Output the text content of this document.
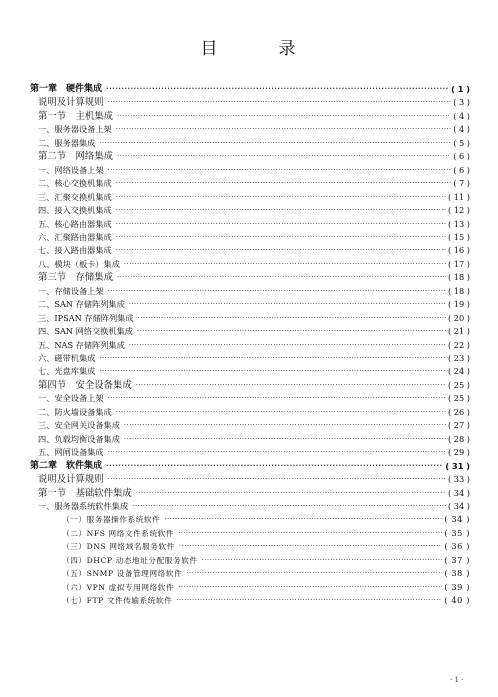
目　录
第一章　硬件集成 ·····	( 1 )
说明及计算规则 ·····	( 3 )
第一节　主机集成 ·····	( 4 )
一、服务器设备上架 ·····	( 4 )
二、服务器集成 ·····	( 5 )
第二节　网络集成 ·····	( 6 )
一、网络设备上架 ·····	( 6 )
二、核心交换机集成 ·····	( 7 )
三、汇聚交换机集成 ·····	( 11 )
四、接入交换机集成 ·····	( 12 )
五、核心路由器集成 ·····	( 13 )
六、汇聚路由器集成 ·····	( 15 )
七、接入路由器集成 ·····	( 16 )
八、模块（板卡）集成 ·····	( 17 )
第三节　存储集成 ·····	( 18 )
一、存储设备上架 ·····	( 18 )
二、SAN 存储阵列集成 ·····	( 19 )
三、IPSAN 存储阵列集成 ·····	( 20 )
四、SAN 网络交换机集成 ·····	( 21 )
五、NAS 存储阵列集成 ·····	( 22 )
六、磁带机集成 ·····	( 23 )
七、光盘库集成 ·····	( 24 )
第四节　安全设备集成 ·····	( 25 )
一、安全设备上架 ·····	( 25 )
二、防火墙设备集成 ·····	( 26 )
三、安全网关设备集成 ·····	( 27 )
四、负载均衡设备集成 ·····	( 28 )
五、网闸设备集成 ·····	( 29 )
第二章　软件集成 ·····	( 31 )
说明及计算规则 ·····	( 33 )
第一节　基础软件集成 ·····	( 34 )
一、服务器系统软件集成 ·····	( 34 )
（一）服务器操作系统软件 ·····	( 34 )
（二）NFS 网络文件系统软件 ·····	( 35 )
（三）DNS 网络域名服务软件 ·····	( 36 )
（四）DHCP 动态地址分配服务软件 ·····	( 37 )
（五）SNMP 设备管理网络软件 ·····	( 38 )
（六）VPN 虚拟专用网络软件 ·····	( 39 )
（七）FTP 文件传输系统软件 ·····	( 40 )
· 1 ·
